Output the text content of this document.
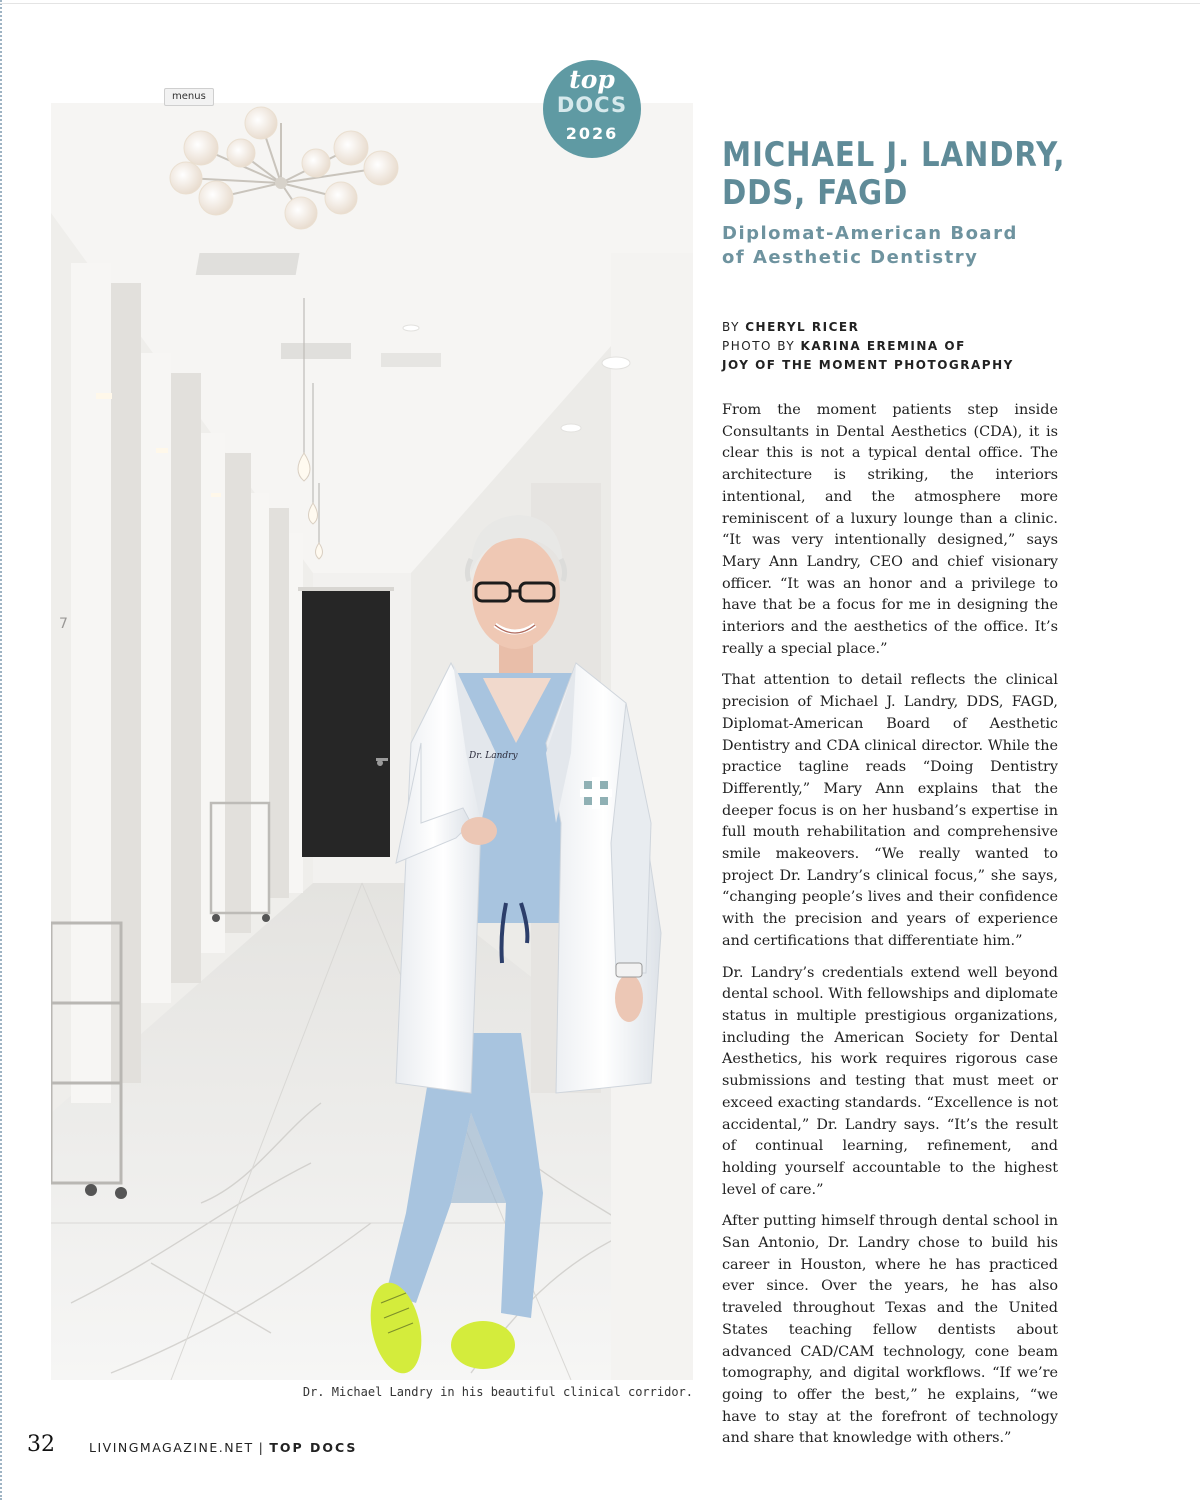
7
Dr. Landry
menus
top
DOCS
2026
Dr. Michael Landry in his beautiful clinical corridor.
MICHAEL J. LANDRY,
DDS, FAGD
Diplomat-American Board
of Aesthetic Dentistry
BY CHERYL RICER
PHOTO BY KARINA EREMINA OF
JOY OF THE MOMENT PHOTOGRAPHY

From the moment patients step inside Consultants in Dental Aesthetics (CDA), it is clear this is not a typical dental office. The architecture is striking, the interiors intentional, and the atmosphere more reminiscent of a luxury lounge than a clinic. “It was very intentionally designed,” says Mary Ann Landry, CEO and chief visionary officer. “It was an honor and a privilege to have that be a focus for me in designing the interiors and the aesthetics of the office. It’s really a special place.”

That attention to detail reflects the clinical precision of Michael J. Landry, DDS, FAGD, Diplomat-American Board of Aesthetic Dentistry and CDA clinical director. While the practice tagline reads “Doing Dentistry Differently,” Mary Ann explains that the deeper focus is on her husband’s expertise in full mouth rehabilitation and comprehensive smile makeovers. “We really wanted to project Dr. Landry’s clinical focus,” she says, “changing people’s lives and their confidence with the precision and years of experience and certifications that differentiate him.”

Dr. Landry’s credentials extend well beyond dental school. With fellowships and diplomate status in multiple prestigious organizations, including the American Society for Dental Aesthetics, his work requires rigorous case submissions and testing that must meet or exceed exacting standards. “Excellence is not accidental,” Dr. Landry says. “It’s the result of continual learning, refinement, and holding yourself accountable to the highest level of care.”

After putting himself through dental school in San Antonio, Dr. Landry chose to build his career in Houston, where he has practiced ever since. Over the years, he has also traveled throughout Texas and the United States teaching fellow dentists about advanced CAD/CAM technology, cone beam tomography, and digital workflows. “If we’re going to offer the best,” he explains, “we have to stay at the forefront of technology and share that knowledge with others.”

32	LIVINGMAGAZINE.NET | TOP DOCS
